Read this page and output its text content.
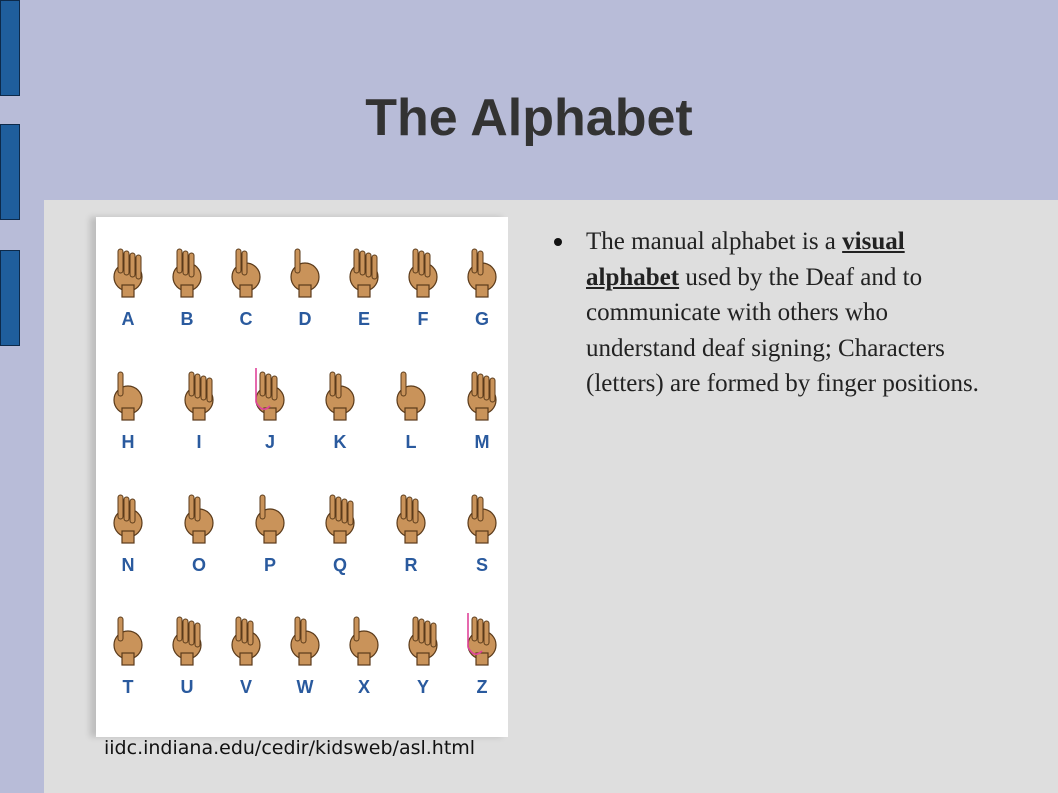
The Alphabet
A	B	C	D	E	F	G
H	I	J	K	L	M
N	O	P	Q	R	S
T	U	V	W	X	Y	Z
iidc.indiana.edu/cedir/kidsweb/asl.html
The manual alphabet is a visual alphabet used by the Deaf and to communicate with others who understand deaf signing; Characters (letters) are formed by finger positions.
